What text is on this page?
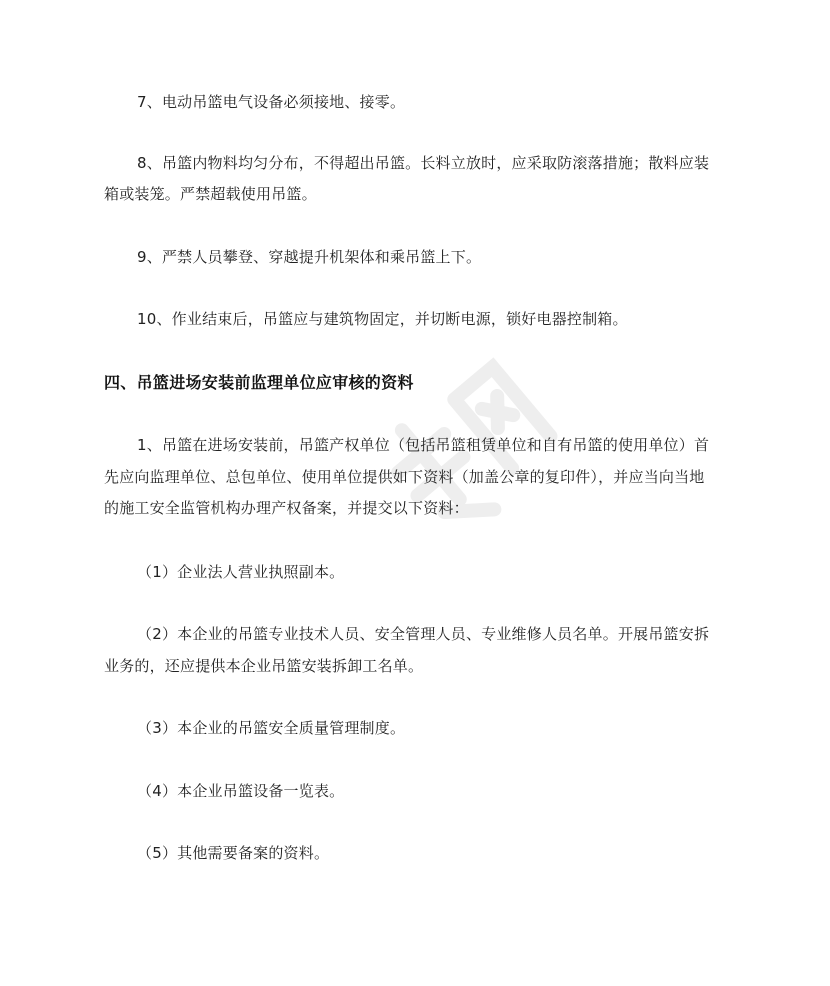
7、电动吊篮电气设备必须接地、接零。
8、吊篮内物料均匀分布，不得超出吊篮。长料立放时，应采取防滚落措施；散料应装
箱或装笼。严禁超载使用吊篮。
9、严禁人员攀登、穿越提升机架体和乘吊篮上下。
10、作业结束后，吊篮应与建筑物固定，并切断电源，锁好电器控制箱。
四、吊篮进场安装前监理单位应审核的资料
1、吊篮在进场安装前，吊篮产权单位（包括吊篮租赁单位和自有吊篮的使用单位）首
先应向监理单位、总包单位、使用单位提供如下资料（加盖公章的复印件），并应当向当地
的施工安全监管机构办理产权备案，并提交以下资料：
（1）企业法人营业执照副本。
（2）本企业的吊篮专业技术人员、安全管理人员、专业维修人员名单。开展吊篮安拆
业务的，还应提供本企业吊篮安装拆卸工名单。
（3）本企业的吊篮安全质量管理制度。
（4）本企业吊篮设备一览表。
（5）其他需要备案的资料。
